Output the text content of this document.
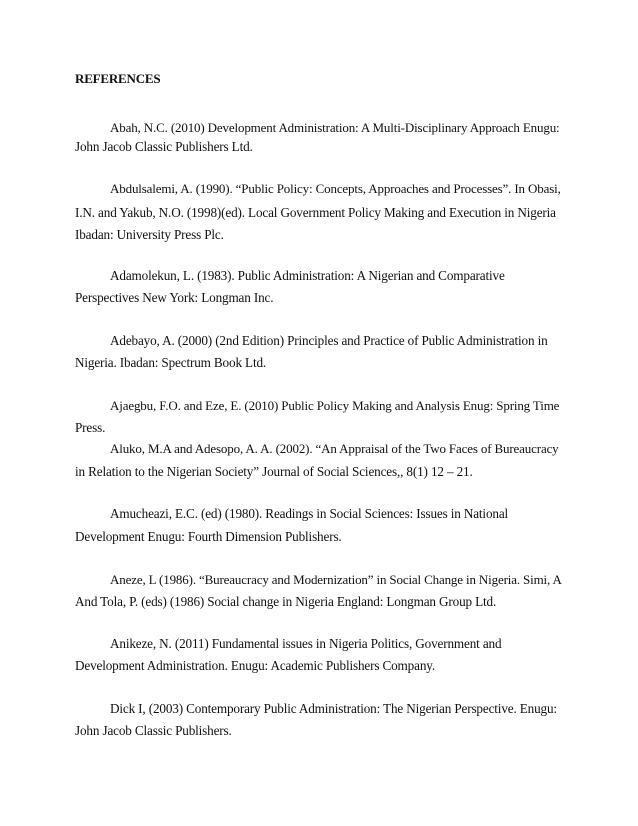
REFERENCES
Abah, N.C. (2010) Development Administration: A Multi-Disciplinary Approach Enugu:
John Jacob Classic Publishers Ltd.
Abdulsalemi, A. (1990). “Public Policy: Concepts, Approaches and Processes”. In Obasi,
I.N. and Yakub, N.O. (1998)(ed). Local Government Policy Making and Execution in Nigeria
Ibadan: University Press Plc.
Adamolekun, L. (1983). Public Administration: A Nigerian and Comparative
Perspectives New York: Longman Inc.
Adebayo, A. (2000) (2nd Edition) Principles and Practice of Public Administration in
Nigeria. Ibadan: Spectrum Book Ltd.
Ajaegbu, F.O. and Eze, E. (2010) Public Policy Making and Analysis Enug: Spring Time
Press.
Aluko, M.A and Adesopo, A. A. (2002). “An Appraisal of the Two Faces of Bureaucracy
in Relation to the Nigerian Society” Journal of Social Sciences,, 8(1) 12 – 21.
Amucheazi, E.C. (ed) (1980). Readings in Social Sciences: Issues in National
Development Enugu: Fourth Dimension Publishers.
Aneze, L (1986). “Bureaucracy and Modernization” in Social Change in Nigeria. Simi, A
And Tola, P. (eds) (1986) Social change in Nigeria England: Longman Group Ltd.
Anikeze, N. (2011) Fundamental issues in Nigeria Politics, Government and
Development Administration. Enugu: Academic Publishers Company.
Dick I, (2003) Contemporary Public Administration: The Nigerian Perspective. Enugu:
John Jacob Classic Publishers.
